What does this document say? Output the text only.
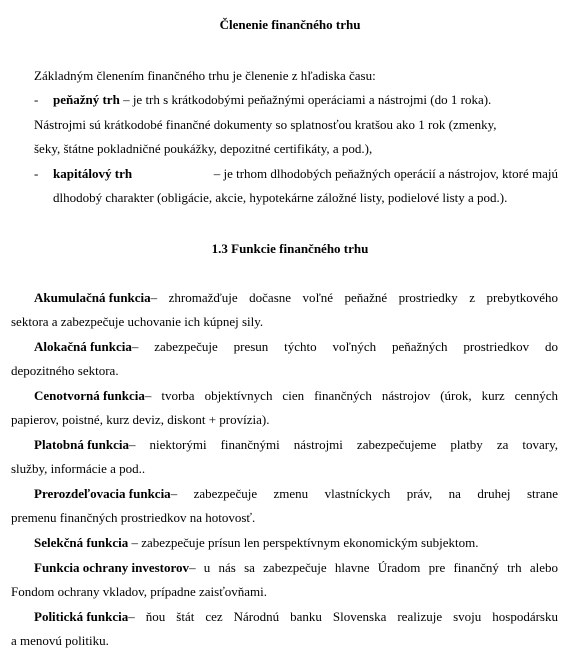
Členenie finančného trhu
Základným členením finančného trhu je členenie z hľadiska času:
- peňažný trh – je trh s krátkodobými peňažnými operáciami a nástrojmi (do 1 roka).
Nástrojmi sú krátkodobé finančné dokumenty so splatnosťou kratšou ako 1 rok (zmenky,
šeky, štátne pokladničné poukážky, depozitné certifikáty, a pod.),
- kapitálový trh	– je trhom dlhodobých peňažných operácií a nástrojov, ktoré majú
dlhodobý charakter (obligácie, akcie, hypotekárne záložné listy, podielové listy a pod.).
1.3 Funkcie finančného trhu
Akumulačná funkcia – zhromažďuje dočasne voľné peňažné prostriedky z prebytkového
sektora a zabezpečuje uchovanie ich kúpnej sily.
Alokačná funkcia – zabezpečuje presun týchto voľných peňažných prostriedkov do
depozitného sektora.
Cenotvorná funkcia – tvorba objektívnych cien finančných nástrojov (úrok, kurz cenných
papierov, poistné, kurz deviz, diskont + provízia).
Platobná funkcia – niektorými finančnými nástrojmi zabezpečujeme platby za tovary,
služby, informácie a pod..
Prerozdeľovacia funkcia – zabezpečuje zmenu vlastníckych práv, na druhej strane
premenu finančných prostriedkov na hotovosť.
Selekčná funkcia – zabezpečuje prísun len perspektívnym ekonomickým subjektom.
Funkcia ochrany investorov – u nás sa zabezpečuje hlavne Úradom pre finančný trh alebo
Fondom ochrany vkladov, prípadne zaisťovňami.
Politická funkcia – ňou štát cez Národnú banku Slovenska realizuje svoju hospodársku
a menovú politiku.
